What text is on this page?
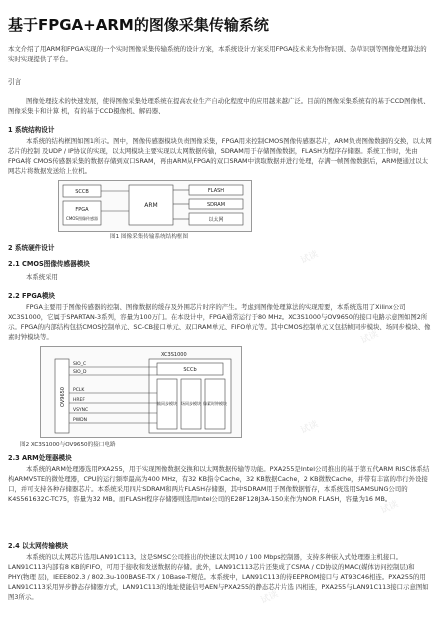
基于FPGA+ARM的图像采集传输系统

本文介绍了用ARM和FPGA实现的一个实时图像采集传输系统的设计方案，本系统设计方案采用FPGA技术来为作物识别、杂草识别等图像处理算法的实时实现提供了平台。

引言

图像处理技术的快速发展，使得图像采集处理系统在提高农业生产自动化程度中的应用越来越广泛。目前的图像采集系统有的基于CCD图像机、图像采集卡和计算 机，有的基于CCD摄像机、解码器、

1 系统结构设计

本系统的结构框图如图1所示。图中，图像传感器模块负责图像采集，FPGA用来控制CMOS图像传感器芯片，ARM负责图像数据的交换，以太网芯片的控制 及UDP / IP协议的实现，以太网模块主要实现以太网数据传输，SDRAM用于存储图像数据，FLASH为程序存储器。系统工作时，先由FPGA将 CMOS传感器采集的数据存储到双口SRAM，再由ARM从FPGA的双口SRAM中读取数据并进行处理，存满一帧图像数据后，ARM便通过以太 网芯片将数据发送给上位机。

SCCB
FPGA
CMOS图像传感器
ARM
FLASH
SDRAM
以太网
图1 图像采集传输系统结构框图
2 系统硬件设计
2.1 CMOS图像传感器模块

本系统采用

2.2 FPGA模块

FPGA主要用于图像传感器的控制、图像数据的缓存及外围芯片时序的产生。考虑到图像处理算法的实现需要，本系统选用了Xilinx公司XC3S1000，它属于SPARTAN-3系列，容量为100万门。在本设计中，FPGA通常运行于80 MHz。XC3S1000与OV9650的接口电路示意图如图2所示。FPGA的内部结构包括CMOS控制单元、SC-CB接口单元、双口RAM单元、FIFO单元等。其中CMOS控制单元又包括帧同步模块、场同步模块、像素时钟模块等。

XC3S1000
SCCb
帧同步模块 场同步模块 像素时钟模块
OV9650
SIO_C
SIO_D
PCLK
HREF
VSYNC
PWDN
图2 XC3S1000与OV9650的接口电路
2.3 ARM处理器模块

本系统的ARM处理器选用PXA255，用于实现图像数据交换和以太网数据传输等功能。PXA255是Intel公司推出的基于第五代ARM RISC体系结构ARMV5TE的微处理器，CPU的运行频率最高为400 MHz，有32 KB指令Cache，32 KB数据Cache，2 KB微数Cache，并带有丰富的串行外设接口，并可支持各种存储器芯片。本系统采用四片SDRAM和两片FLASH存储器，其中SDRAM用于图像数据暂存，本系统选用SAMSUNG公司的K4S561632C-TC75，容量为32 MB。而FLASH程序存储器则选用Intel公司的E28F128J3A-150来作为NOR FLASH，容量为16 MB。

2.4 以太网传输模块

本系统的以太网芯片选用LAN91C113。这是SMSC公司推出的快速以太网10 / 100 Mbps控制器，支持多种嵌入式处理器主机接口。LAN91C113内部有8 KB的FIFO，可用于接收和发送数据的存储。此外，LAN91C113芯片还集成了CSMA / CD协议的MAC(媒体访问控制层)和PHY(物理 层)，IEEE802.3 / 802.3u-100BASE-TX / 10Base-T规范。本系统中，LAN91C113的待EEPROM接口与 AT93C46相连。PXA255的用LAN91C113采用异步静态存储器方式，LAN91C113的地址使能信号AEN与PXA255的静态芯片片选 四相连，PXA255与LAN91C113接口示意图如图3所示。

试读
试读
试读
试读
试读
